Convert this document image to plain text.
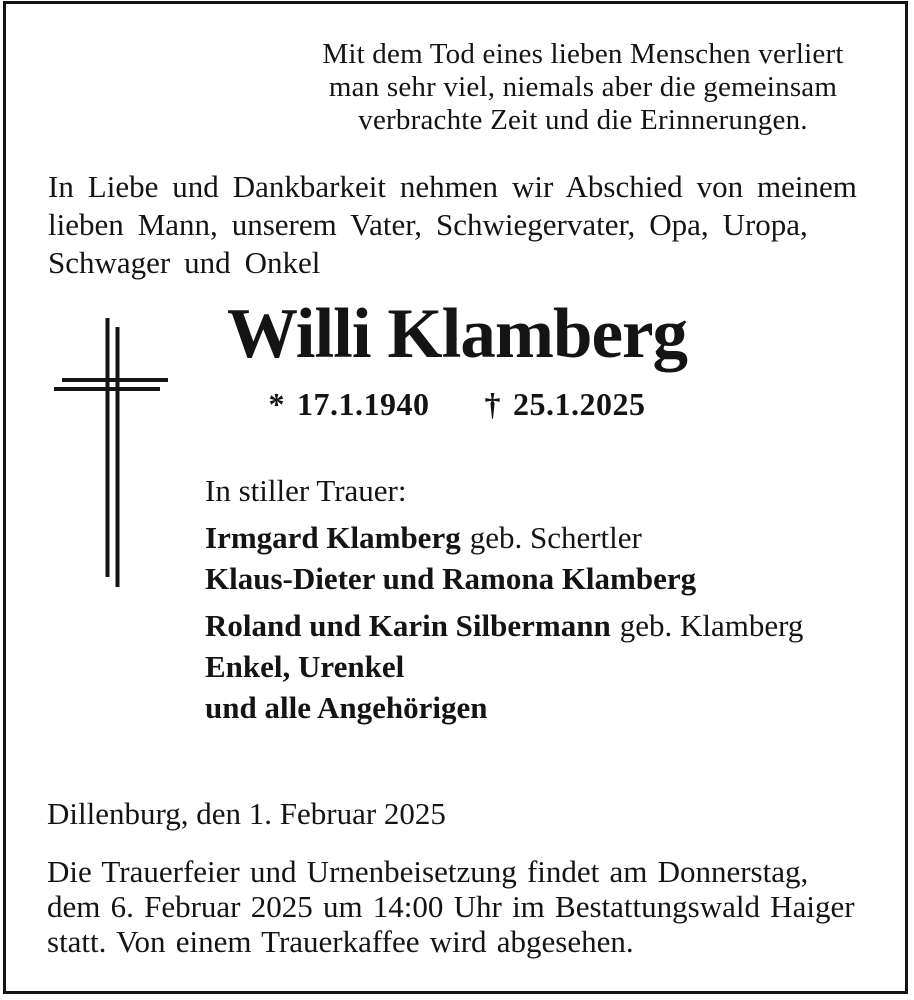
Mit dem Tod eines lieben Menschen verliert
man sehr viel, niemals aber die gemeinsam
verbrachte Zeit und die Erinnerungen.
In Liebe und Dankbarkeit nehmen wir Abschied von meinem
lieben Mann, unserem Vater, Schwiegervater, Opa, Uropa,
Schwager und Onkel
Willi Klamberg
* 17.1.1940 † 25.1.2025
In stiller Trauer:
Irmgard Klamberg geb. Schertler
Klaus-Dieter und Ramona Klamberg
Roland und Karin Silbermann geb. Klamberg
Enkel, Urenkel
und alle Angehörigen
Dillenburg, den 1. Februar 2025
Die Trauerfeier und Urnenbeisetzung findet am Donnerstag,
dem 6. Februar 2025 um 14:00 Uhr im Bestattungswald Haiger
statt. Von einem Trauerkaffee wird abgesehen.
